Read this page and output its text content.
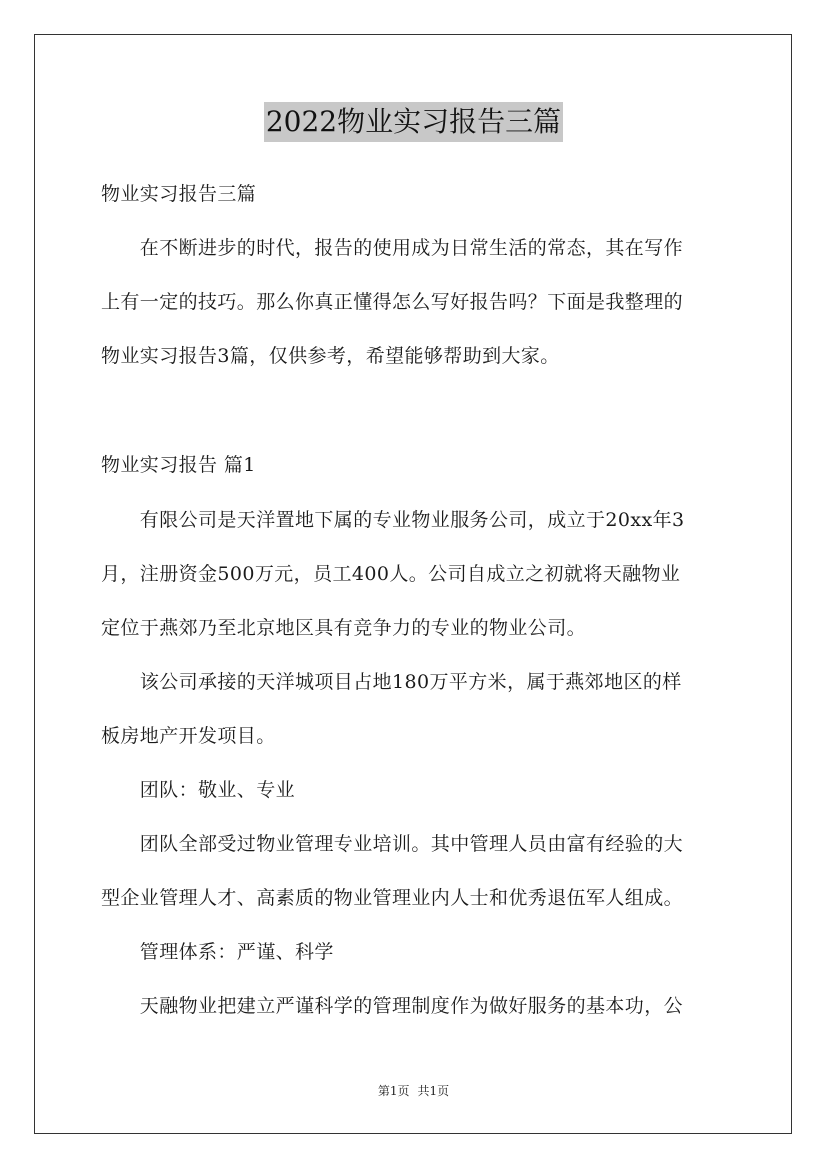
2022物业实习报告三篇
物业实习报告三篇
　　在不断进步的时代，报告的使用成为日常生活的常态，其在写作
上有一定的技巧。那么你真正懂得怎么写好报告吗？下面是我整理的
物业实习报告3篇，仅供参考，希望能够帮助到大家。
物业实习报告 篇1
　　有限公司是天洋置地下属的专业物业服务公司，成立于20xx年3
月，注册资金500万元，员工400人。公司自成立之初就将天融物业
定位于燕郊乃至北京地区具有竞争力的专业的物业公司。
　　该公司承接的天洋城项目占地180万平方米，属于燕郊地区的样
板房地产开发项目。
　　团队：敬业、专业
　　团队全部受过物业管理专业培训。其中管理人员由富有经验的大
型企业管理人才、高素质的物业管理业内人士和优秀退伍军人组成。
　　管理体系：严谨、科学
　　天融物业把建立严谨科学的管理制度作为做好服务的基本功，公
第1页 共1页
